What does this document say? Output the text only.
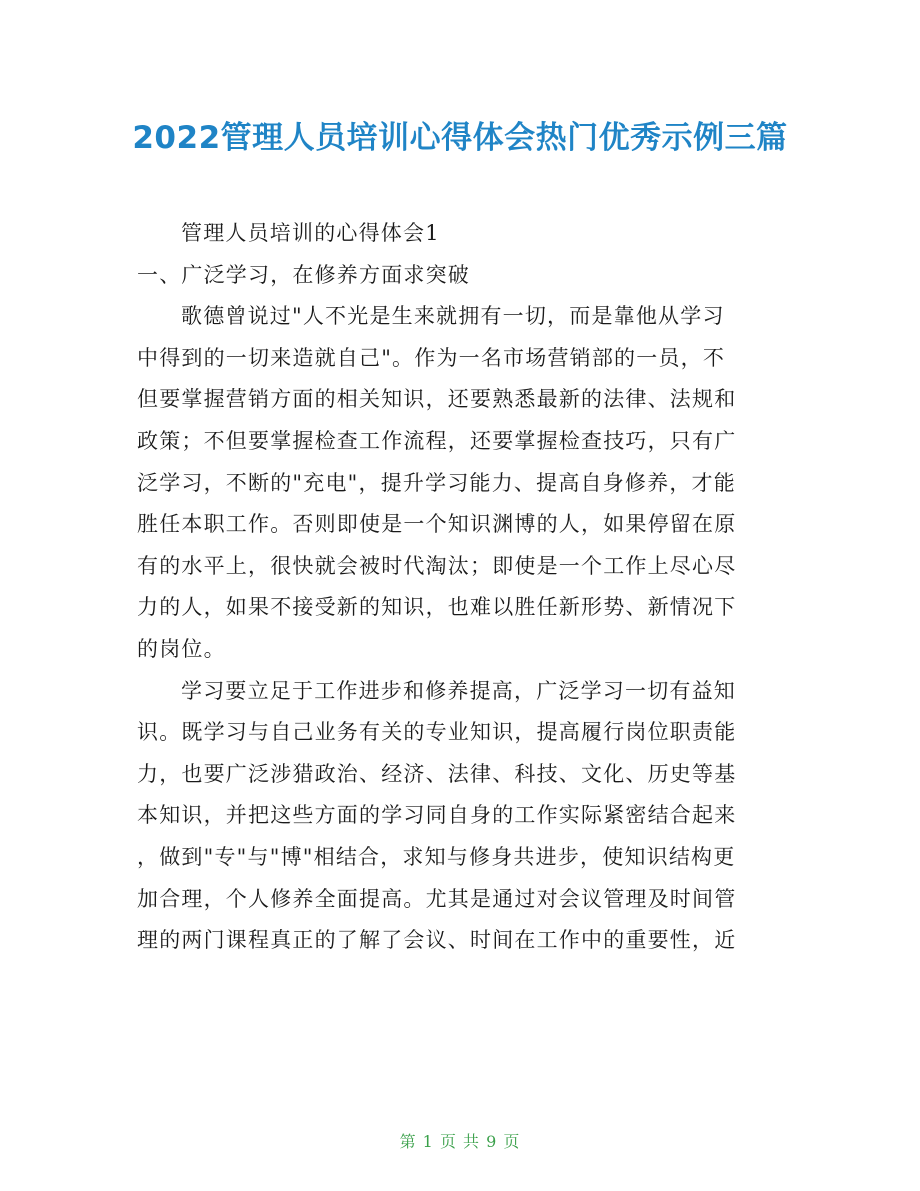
2022管理人员培训心得体会热门优秀示例三篇
管理人员培训的心得体会1
一、广泛学习，在修养方面求突破
歌德曾说过"人不光是生来就拥有一切，而是靠他从学习
中得到的一切来造就自己"。作为一名市场营销部的一员，不
但要掌握营销方面的相关知识，还要熟悉最新的法律、法规和
政策；不但要掌握检查工作流程，还要掌握检查技巧，只有广
泛学习，不断的"充电"，提升学习能力、提高自身修养，才能
胜任本职工作。否则即使是一个知识渊博的人，如果停留在原
有的水平上，很快就会被时代淘汰；即使是一个工作上尽心尽
力的人，如果不接受新的知识，也难以胜任新形势、新情况下
的岗位。
学习要立足于工作进步和修养提高，广泛学习一切有益知
识。既学习与自己业务有关的专业知识，提高履行岗位职责能
力，也要广泛涉猎政治、经济、法律、科技、文化、历史等基
本知识，并把这些方面的学习同自身的工作实际紧密结合起来
，做到"专"与"博"相结合，求知与修身共进步，使知识结构更
加合理，个人修养全面提高。尤其是通过对会议管理及时间管
理的两门课程真正的了解了会议、时间在工作中的重要性，近
第 1 页 共 9 页
